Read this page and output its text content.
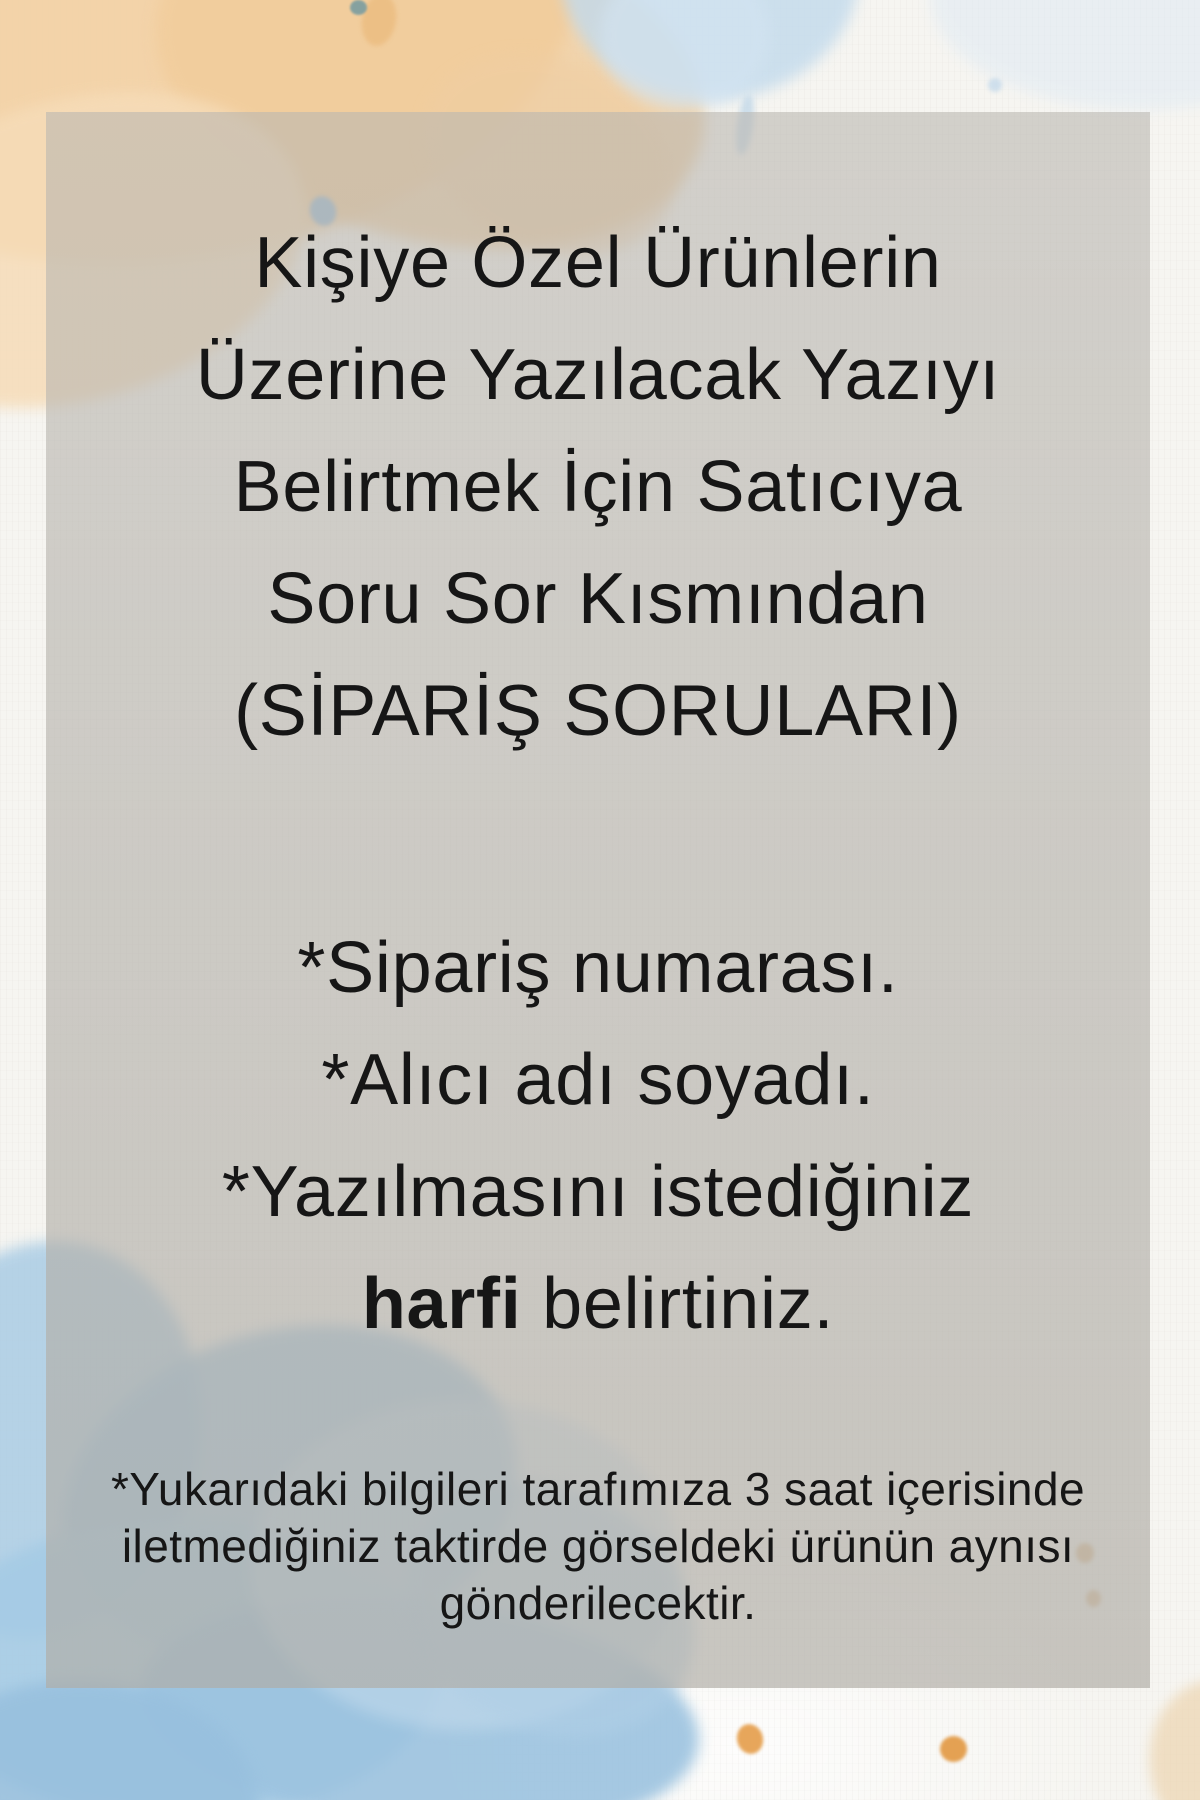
Kişiye Özel Ürünlerin
Üzerine Yazılacak Yazıyı
Belirtmek İçin Satıcıya
Soru Sor Kısmından
(SİPARİŞ SORULARI)
*Sipariş numarası.
*Alıcı adı soyadı.
*Yazılmasını istediğiniz
harfi belirtiniz.
*Yukarıdaki bilgileri tarafımıza 3 saat içerisinde
iletmediğiniz taktirde görseldeki ürünün aynısı
gönderilecektir.
